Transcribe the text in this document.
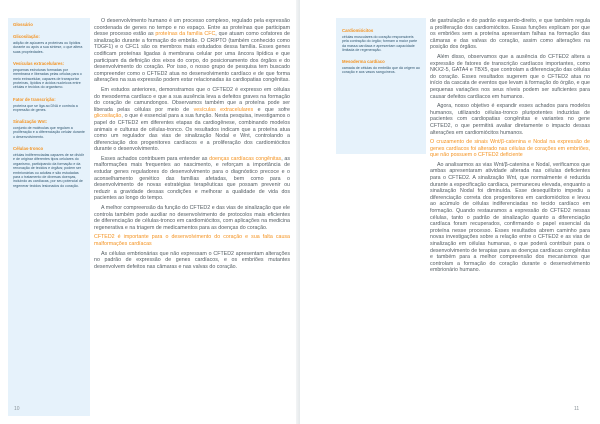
Glossário
Glicosilação:
adição de açúcares a proteínas ou lipídios durante ou após a sua síntese, o que altera suas propriedades.
Vesículas extracelulares:
pequenas estruturas formadas por membrana e liberadas pelas células para o meio extracelular, capazes de transportar proteínas, lipídios e ácidos nucleicos entre células e tecidos do organismo.
Fator de transcrição:
proteína que se liga ao DNA e controla a expressão de genes.
Sinalização Wnt:
conjunto de moléculas que regulam a proliferação e a diferenciação celular durante o desenvolvimento.
Células-tronco
células indiferenciadas capazes de se dividir e de originar diferentes tipos celulares do organismo, participando da formação e da renovação de tecidos e órgãos; podem ser embrionárias ou adultas e são estudadas para o tratamento de diversas doenças, incluindo as cardíacas, por seu potencial de regenerar tecidos lesionados do coração.

O desenvolvimento humano é um processo complexo, regulado pela expressão coordenada de genes no tempo e no espaço. Entre as proteínas que participam desse processo estão as proteínas da família CFC, que atuam como cofatores de sinalização durante a formação do embrião. O CRIPTO (também conhecido como TDGF1) e o CFC1 são os membros mais estudados dessa família. Esses genes codificam proteínas ligadas à membrana celular por uma âncora lipídica e que participam da definição dos eixos do corpo, do posicionamento dos órgãos e do desenvolvimento do coração. Por isso, o nosso grupo de pesquisa tem buscado compreender como o CFTED2 atua no desenvolvimento cardíaco e de que forma alterações na sua expressão podem estar relacionadas às cardiopatias congênitas.

Em estudos anteriores, demonstramos que o CFTED2 é expresso em células do mesoderma cardíaco e que a sua ausência leva a defeitos graves na formação do coração de camundongos. Observamos também que a proteína pode ser liberada pelas células por meio de vesículas extracelulares e que sofre glicosilação, o que é essencial para a sua função. Nesta pesquisa, investigamos o papel do CFTED2 em diferentes etapas da cardiogênese, combinando modelos animais e culturas de células-tronco. Os resultados indicam que a proteína atua como um regulador das vias de sinalização Nodal e Wnt, controlando a diferenciação dos progenitores cardíacos e a proliferação dos cardiomiócitos durante o desenvolvimento.

Esses achados contribuem para entender as doenças cardíacas congênitas, as malformações mais frequentes ao nascimento, e reforçam a importância de estudar genes reguladores do desenvolvimento para o diagnóstico precoce e o aconselhamento genético das famílias afetadas, bem como para o desenvolvimento de novas estratégias terapêuticas que possam prevenir ou reduzir a gravidade dessas condições e melhorar a qualidade de vida dos pacientes ao longo do tempo.

A melhor compreensão da função do CFTED2 e das vias de sinalização que ele controla também pode auxiliar no desenvolvimento de protocolos mais eficientes de diferenciação de células-tronco em cardiomiócitos, com aplicações na medicina regenerativa e na triagem de medicamentos para as doenças do coração.

CFTED2 é importante para o desenvolvimento do coração e sua falta causa malformações cardíacas

As células embrionárias que não expressam o CFTED2 apresentam alterações no padrão de expressão de genes cardíacos, e os embriões mutantes desenvolvem defeitos nas câmaras e nas valvas do coração.

10
Cardiomiócitos
células musculares do coração responsáveis pela contração do órgão; formam a maior parte da massa cardíaca e apresentam capacidade limitada de regeneração.
Mesoderma cardíaco
camada de células do embrião que dá origem ao coração e aos vasos sanguíneos.

de gastrulação e do padrão esquerdo-direito, e que também regula a proliferação dos cardiomiócitos. Essas funções explicam por que os embriões sem a proteína apresentam falhas na formação das câmaras e das valvas do coração, assim como alterações na posição dos órgãos.

Além disso, observamos que a ausência do CFTED2 altera a expressão de fatores de transcrição cardíacos importantes, como NKX2-5, GATA4 e TBX5, que controlam a diferenciação das células do coração. Esses resultados sugerem que o CFTED2 atua no início da cascata de eventos que levam à formação do órgão, e que pequenas variações nos seus níveis podem ser suficientes para causar defeitos cardíacos em humanos.

Agora, nosso objetivo é expandir esses achados para modelos humanos, utilizando células-tronco pluripotentes induzidas de pacientes com cardiopatias congênitas e variantes no gene CFTED2, o que permitirá avaliar diretamente o impacto dessas alterações em cardiomiócitos humanos.

O cruzamento de sinais Wnt/β-catenina e Nodal na expressão de genes cardíacos foi alterado nas células de corações em embriões, que não possuem o CFTED2 deficiente

Ao analisarmos as vias Wnt/β-catenina e Nodal, verificamos que ambas apresentaram atividade alterada nas células deficientes para o CFTED2. A sinalização Wnt, que normalmente é reduzida durante a especificação cardíaca, permaneceu elevada, enquanto a sinalização Nodal foi diminuída. Esse desequilíbrio impediu a diferenciação correta dos progenitores em cardiomiócitos e levou ao acúmulo de células indiferenciadas no tecido cardíaco em formação. Quando restauramos a expressão do CFTED2 nessas células, tanto o padrão de sinalização quanto a diferenciação cardíaca foram recuperados, confirmando o papel essencial da proteína nesse processo. Esses resultados abrem caminho para novas investigações sobre a relação entre o CFTED2 e as vias de sinalização em células humanas, o que poderá contribuir para o desenvolvimento de terapias para as doenças cardíacas congênitas e também para a melhor compreensão dos mecanismos que controlam a formação do coração durante o desenvolvimento embrionário humano.

11
